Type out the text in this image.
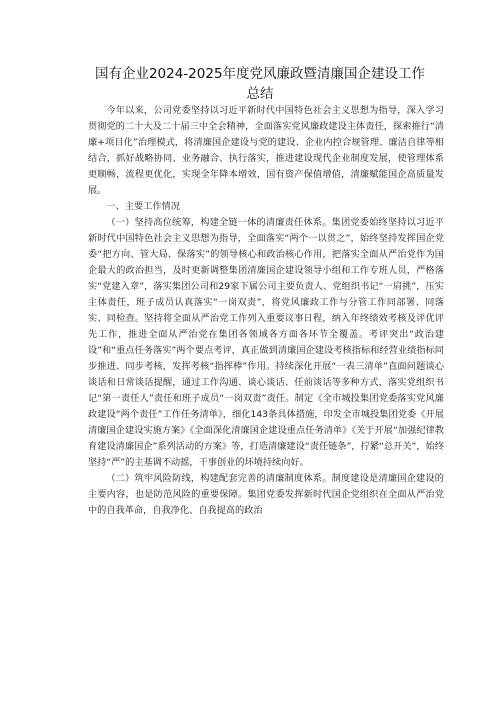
国有企业2024-2025年度党风廉政暨清廉国企建设工作总结

今年以来，公司党委坚持以习近平新时代中国特色社会主义思想为指导，深入学习贯彻党的二十大及二十届三中全会精神，全面落实党风廉政建设主体责任，探索推行“清廉+项目化”治理模式，将清廉国企建设与党的建设、企业内控合规管理、廉洁自律等相结合，抓好战略协同、业务融合、执行落实，推进建设现代企业制度发展，使管理体系更顺畅，流程更优化，实现全年降本增效，国有资产保值增值，清廉赋能国企高质量发展。

一、主要工作情况

（一）坚持高位统筹，构建全链一体的清廉责任体系。集团党委始终坚持以习近平新时代中国特色社会主义思想为指导，全面落实“两个一以贯之”，始终坚持发挥国企党委“把方向、管大局、保落实”的领导核心和政治核心作用，把落实全面从严治党作为国企最大的政治担当，及时更新调整集团清廉国企建设领导小组和工作专班人员，严格落实“党建入章”，落实集团公司和29家下属公司主要负责人、党组织书记“一肩挑”，压实主体责任，班子成员认真落实“一岗双责”，将党风廉政工作与分管工作同部署、同落实、同检查。坚持将全面从严治党工作列入重要议事日程，纳入年终绩效考核及评优评先工作，推进全面从严治党在集团各领域各方面各环节全覆盖。考评突出“政治建设”和“重点任务落实”两个要点考评，真正做到清廉国企建设考核指标和经营业绩指标同步推进、同步考核，发挥考核“指挥棒”作用。持续深化开展“一表三清单”直面问题谈心谈话和日常谈话提醒，通过工作沟通、谈心谈话、任前谈话等多种方式，落实党组织书记“第一责任人”责任和班子成员“一岗双责”责任。制定《全市城投集团党委落实党风廉政建设“两个责任”工作任务清单》，细化143条具体措施，印发全市城投集团党委《开展清廉国企建设实施方案》《全面深化清廉国企建设重点任务清单》《关于开展“加强纪律教育建设清廉国企”系列活动的方案》等，打造清廉建设“责任链条”，拧紧“总开关”，始终坚持“严”的主基调不动摇，干事创业的环境持续向好。

（二）筑牢风险防线，构建配套完善的清廉制度体系。制度建设是清廉国企建设的主要内容，也是防范风险的重要保障。集团党委发挥新时代国企党组织在全面从严治党中的自我革命，自我净化、自我提高的政治
